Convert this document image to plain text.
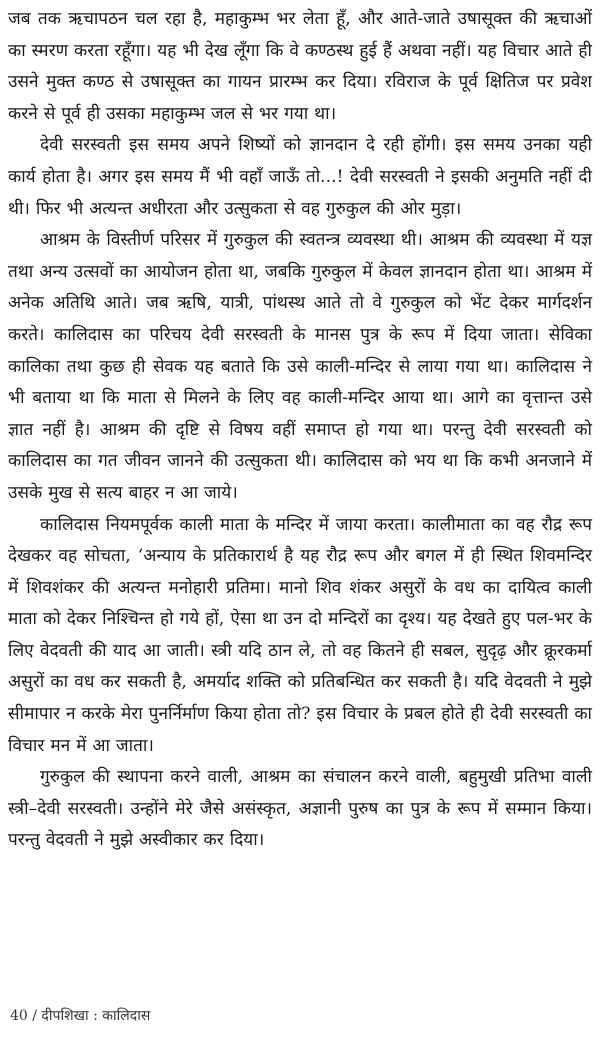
जब तक ऋचापठन चल रहा है, महाकुम्भ भर लेता हूँ, और आते-जाते उषासूक्त की ऋचाओं का स्मरण करता रहूँगा। यह भी देख लूँगा कि वे कण्ठस्थ हुई हैं अथवा नहीं। यह विचार आते ही उसने मुक्त कण्ठ से उषासूक्त का गायन प्रारम्भ कर दिया। रविराज के पूर्व क्षितिज पर प्रवेश करने से पूर्व ही उसका महाकुम्भ जल से भर गया था।

देवी सरस्वती इस समय अपने शिष्यों को ज्ञानदान दे रही होंगी। इस समय उनका यही कार्य होता है। अगर इस समय मैं भी वहाँ जाऊँ तो...! देवी सरस्वती ने इसकी अनुमति नहीं दी थी। फिर भी अत्यन्त अधीरता और उत्सुकता से वह गुरुकुल की ओर मुड़ा।

आश्रम के विस्तीर्ण परिसर में गुरुकुल की स्वतन्त्र व्यवस्था थी। आश्रम की व्यवस्था में यज्ञ तथा अन्य उत्सवों का आयोजन होता था, जबकि गुरुकुल में केवल ज्ञानदान होता था। आश्रम में अनेक अतिथि आते। जब ऋषि, यात्री, पांथस्थ आते तो वे गुरुकुल को भेंट देकर मार्गदर्शन करते। कालिदास का परिचय देवी सरस्वती के मानस पुत्र के रूप में दिया जाता। सेविका कालिका तथा कुछ ही सेवक यह बताते कि उसे काली-मन्दिर से लाया गया था। कालिदास ने भी बताया था कि माता से मिलने के लिए वह काली-मन्दिर आया था। आगे का वृत्तान्त उसे ज्ञात नहीं है। आश्रम की दृष्टि से विषय वहीं समाप्त हो गया था। परन्तु देवी सरस्वती को कालिदास का गत जीवन जानने की उत्सुकता थी। कालिदास को भय था कि कभी अनजाने में उसके मुख से सत्य बाहर न आ जाये।

कालिदास नियमपूर्वक काली माता के मन्दिर में जाया करता। कालीमाता का वह रौद्र रूप देखकर वह सोचता, ‘अन्याय के प्रतिकारार्थ है यह रौद्र रूप और बगल में ही स्थित शिवमन्दिर में शिवशंकर की अत्यन्त मनोहारी प्रतिमा। मानो शिव शंकर असुरों के वध का दायित्व काली माता को देकर निश्चिन्त हो गये हों, ऐसा था उन दो मन्दिरों का दृश्य। यह देखते हुए पल-भर के लिए वेदवती की याद आ जाती। स्त्री यदि ठान ले, तो वह कितने ही सबल, सुदृढ़ और क्रूरकर्मा असुरों का वध कर सकती है, अमर्याद शक्ति को प्रतिबन्धित कर सकती है। यदि वेदवती ने मुझे सीमापार न करके मेरा पुनर्निर्माण किया होता तो? इस विचार के प्रबल होते ही देवी सरस्वती का विचार मन में आ जाता।

गुरुकुल की स्थापना करने वाली, आश्रम का संचालन करने वाली, बहुमुखी प्रतिभा वाली स्त्री–देवी सरस्वती। उन्होंने मेरे जैसे असंस्कृत, अज्ञानी पुरुष का पुत्र के रूप में सम्मान किया। परन्तु वेदवती ने मुझे अस्वीकार कर दिया।

40 / दीपशिखा : कालिदास
